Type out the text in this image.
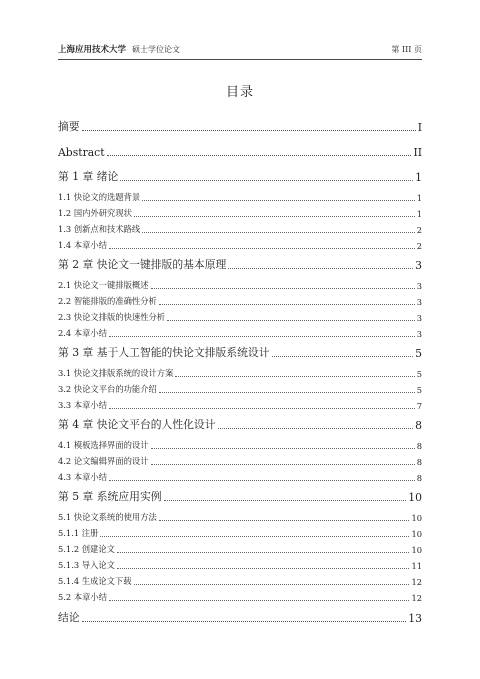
上海应用技术大学 硕士学位论文	第 III 页
目录
摘要	I
Abstract	II
第 1 章 绪论	1
1.1 快论文的选题背景	1
1.2 国内外研究现状	1
1.3 创新点和技术路线	2
1.4 本章小结	2
第 2 章 快论文一键排版的基本原理	3
2.1 快论文一键排版概述	3
2.2 智能排版的准确性分析	3
2.3 快论文排版的快速性分析	3
2.4 本章小结	3
第 3 章 基于人工智能的快论文排版系统设计	5
3.1 快论文排版系统的设计方案	5
3.2 快论文平台的功能介绍	5
3.3 本章小结	7
第 4 章 快论文平台的人性化设计	8
4.1 模板选择界面的设计	8
4.2 论文编辑界面的设计	8
4.3 本章小结	8
第 5 章 系统应用实例	10
5.1 快论文系统的使用方法	10
5.1.1 注册	10
5.1.2 创建论文	10
5.1.3 导入论文	11
5.1.4 生成论文下载	12
5.2 本章小结	12
结论	13
